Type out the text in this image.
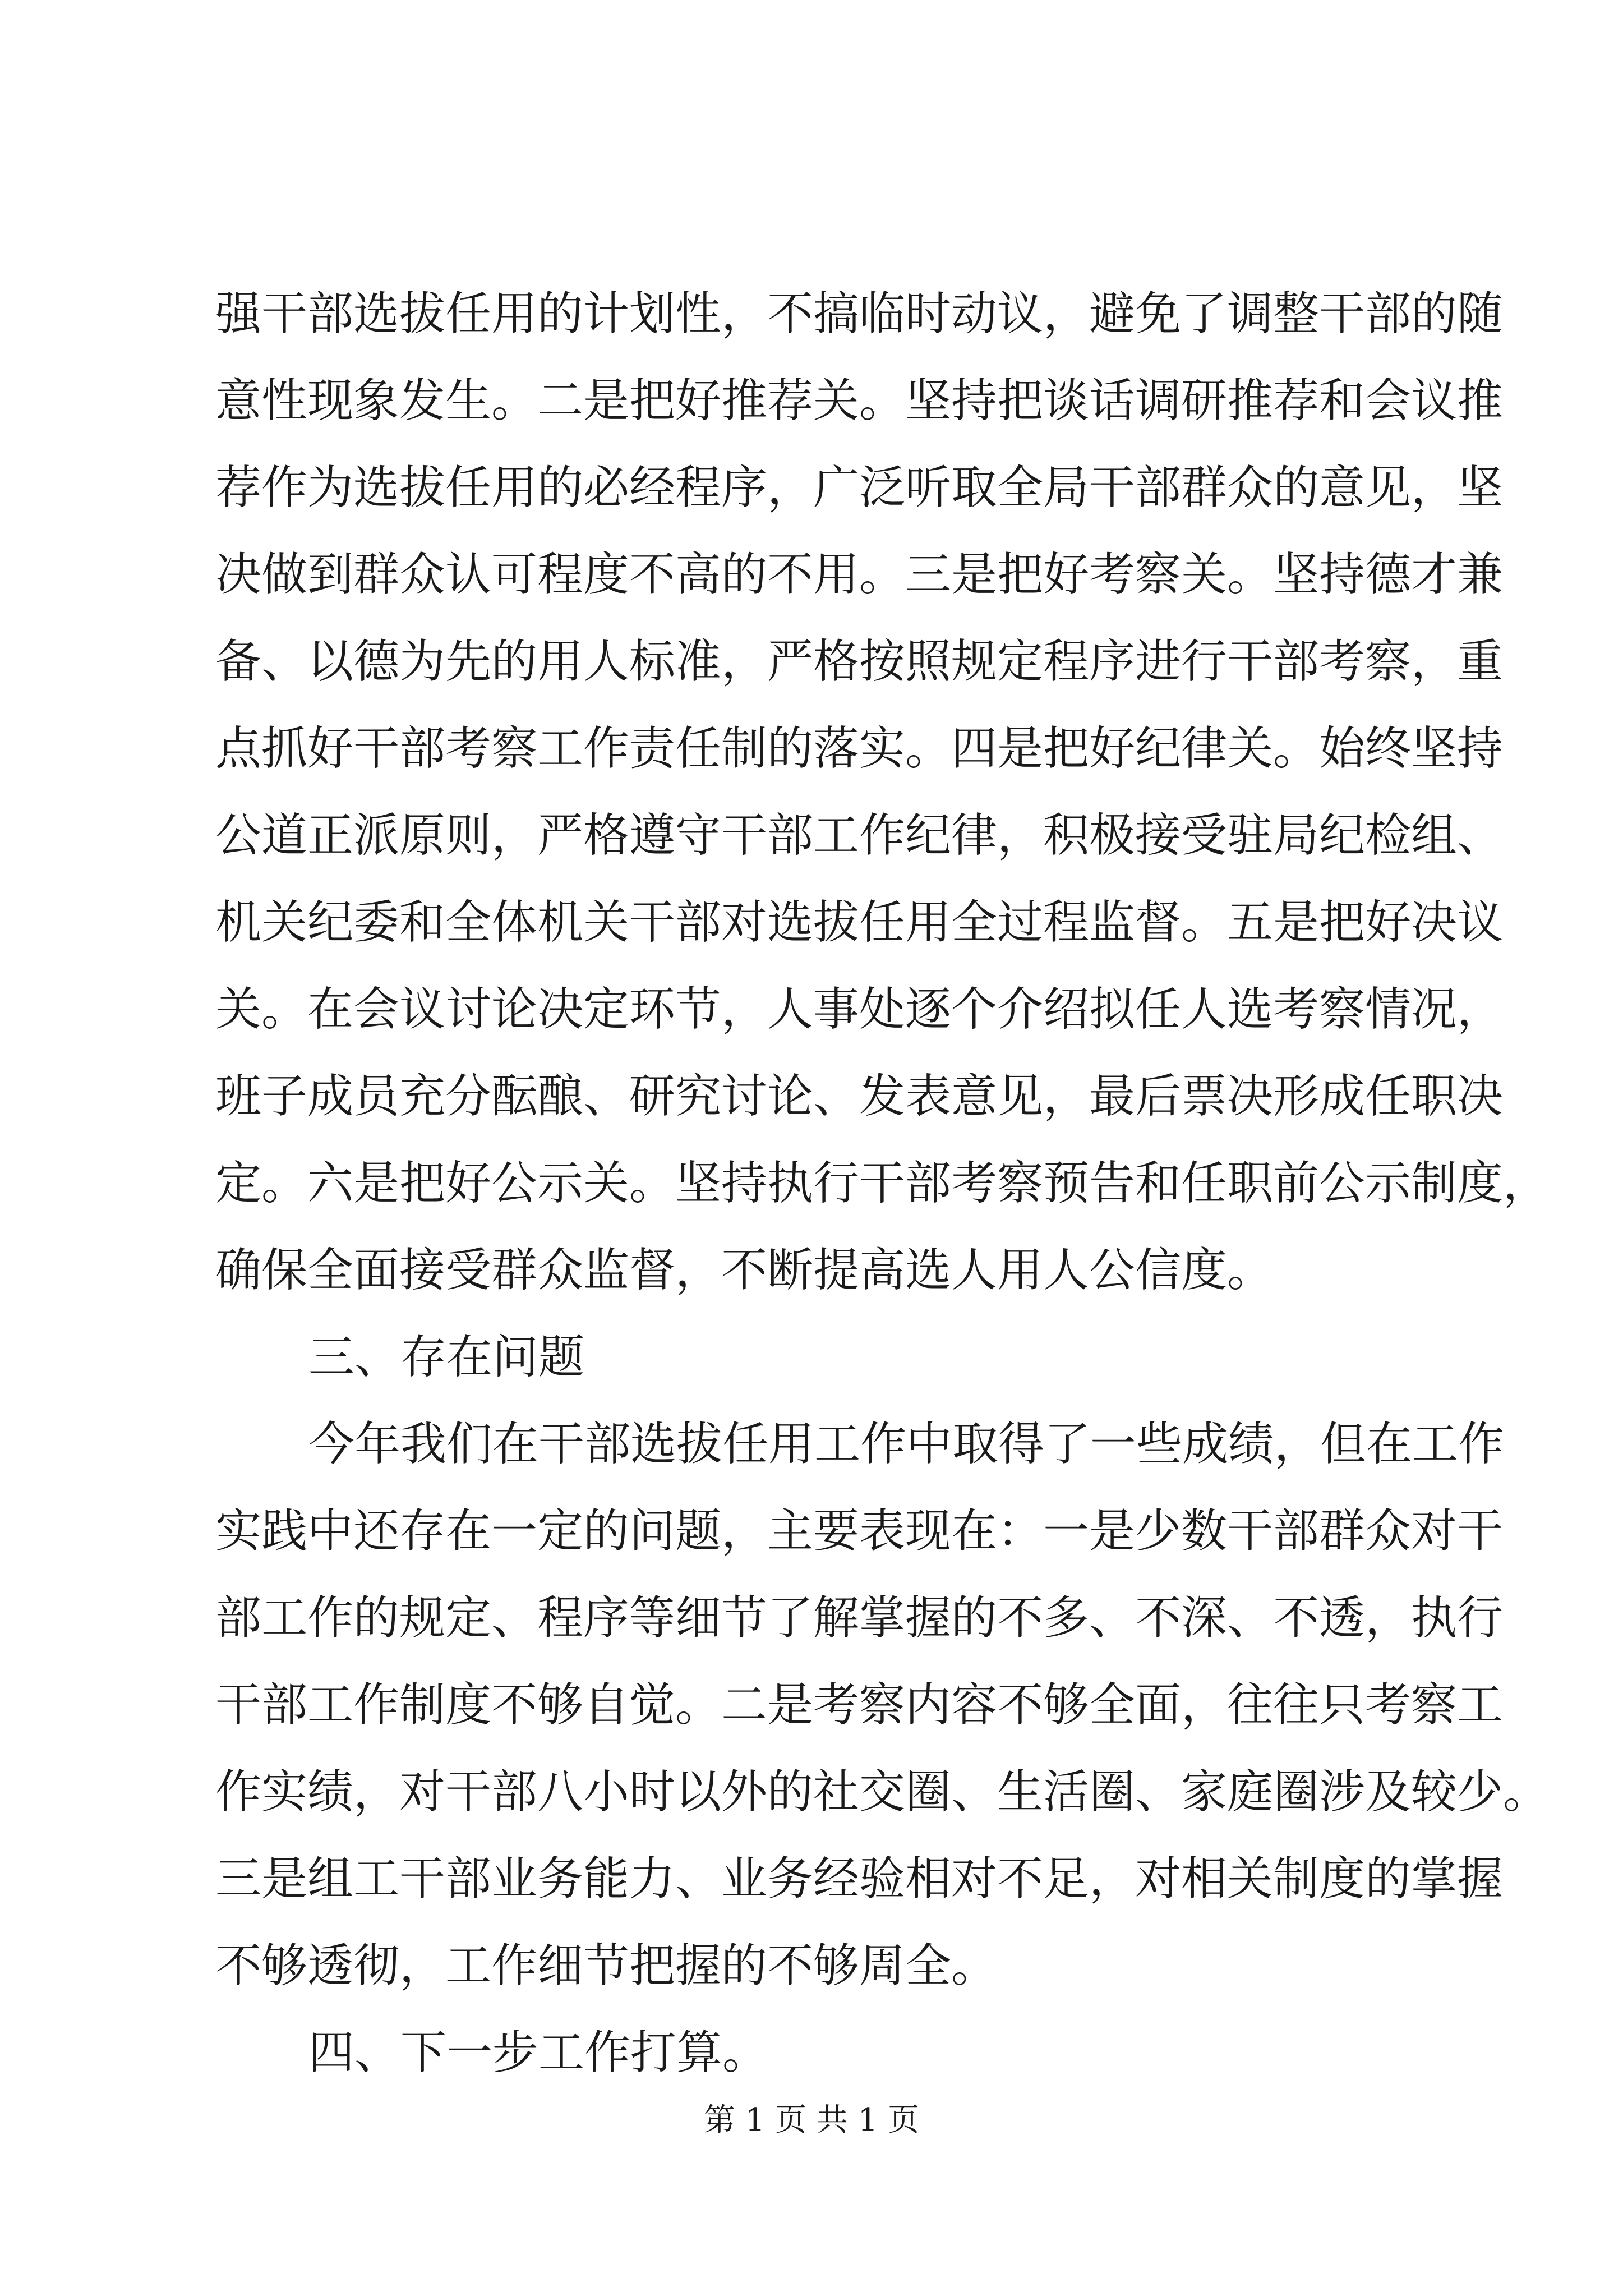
强干部选拔任用的计划性，不搞临时动议，避免了调整干部的随
意性现象发生。二是把好推荐关。坚持把谈话调研推荐和会议推
荐作为选拔任用的必经程序，广泛听取全局干部群众的意见，坚
决做到群众认可程度不高的不用。三是把好考察关。坚持德才兼
备、以德为先的用人标准，严格按照规定程序进行干部考察，重
点抓好干部考察工作责任制的落实。四是把好纪律关。始终坚持
公道正派原则，严格遵守干部工作纪律，积极接受驻局纪检组、
机关纪委和全体机关干部对选拔任用全过程监督。五是把好决议
关。在会议讨论决定环节，人事处逐个介绍拟任人选考察情况，
班子成员充分酝酿、研究讨论、发表意见，最后票决形成任职决
定。六是把好公示关。坚持执行干部考察预告和任职前公示制度，
确保全面接受群众监督，不断提高选人用人公信度。
三、存在问题
今年我们在干部选拔任用工作中取得了一些成绩，但在工作
实践中还存在一定的问题，主要表现在：一是少数干部群众对干
部工作的规定、程序等细节了解掌握的不多、不深、不透，执行
干部工作制度不够自觉。二是考察内容不够全面，往往只考察工
作实绩，对干部八小时以外的社交圈、生活圈、家庭圈涉及较少。
三是组工干部业务能力、业务经验相对不足，对相关制度的掌握
不够透彻，工作细节把握的不够周全。
四、下一步工作打算。
第 1 页 共 1 页
